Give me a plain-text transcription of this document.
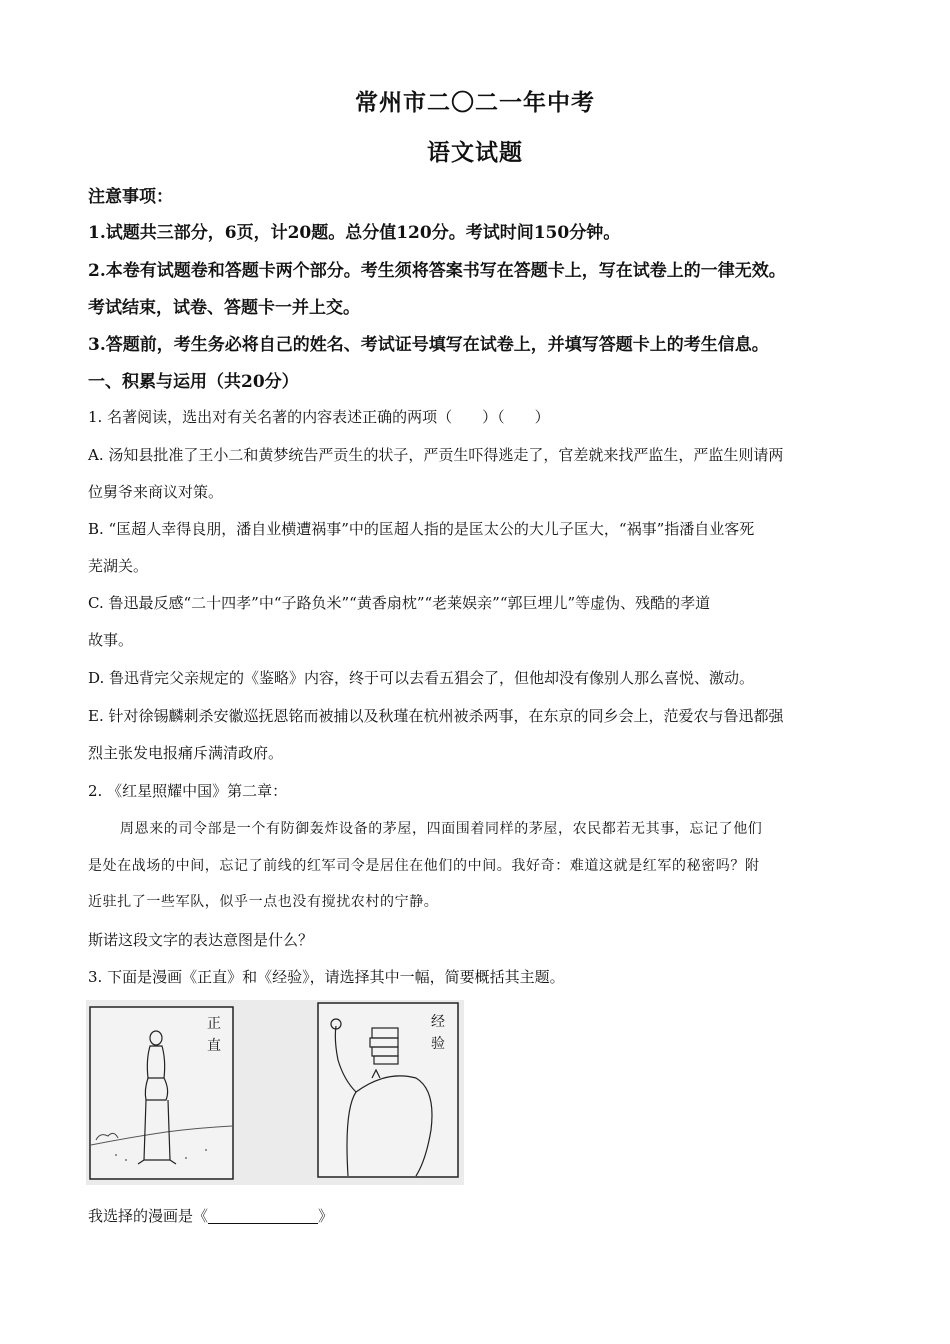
常州市二〇二一年中考
语文试题
注意事项：
1.试题共三部分，6页，计20题。总分值120分。考试时间150分钟。
2.本卷有试题卷和答题卡两个部分。考生须将答案书写在答题卡上，写在试卷上的一律无效。
考试结束，试卷、答题卡一并上交。
3.答题前，考生务必将自己的姓名、考试证号填写在试卷上，并填写答题卡上的考生信息。
一、积累与运用（共20分）
1. 名著阅读，选出对有关名著的内容表述正确的两项（　　）（　　）
A. 汤知县批准了王小二和黄梦统告严贡生的状子，严贡生吓得逃走了，官差就来找严监生，严监生则请两
位舅爷来商议对策。
B. “匡超人幸得良朋，潘自业横遭祸事”中的匡超人指的是匡太公的大儿子匡大，“祸事”指潘自业客死
芜湖关。
C. 鲁迅最反感“二十四孝”中“子路负米”“黄香扇枕”“老莱娱亲”“郭巨埋儿”等虚伪、残酷的孝道
故事。
D. 鲁迅背完父亲规定的《鉴略》内容，终于可以去看五猖会了，但他却没有像别人那么喜悦、激动。
E. 针对徐锡麟刺杀安徽巡抚恩铭而被捕以及秋瑾在杭州被杀两事，在东京的同乡会上，范爱农与鲁迅都强
烈主张发电报痛斥满清政府。
2. 《红星照耀中国》第二章：
周恩来的司令部是一个有防御轰炸设备的茅屋，四面围着同样的茅屋，农民都若无其事，忘记了他们
是处在战场的中间，忘记了前线的红军司令是居住在他们的中间。我好奇：难道这就是红军的秘密吗？附
近驻扎了一些军队，似乎一点也没有搅扰农村的宁静。
斯诺这段文字的表达意图是什么？
3. 下面是漫画《正直》和《经验》，请选择其中一幅，简要概括其主题。
正
直
经
验
我选择的漫画是《	》
